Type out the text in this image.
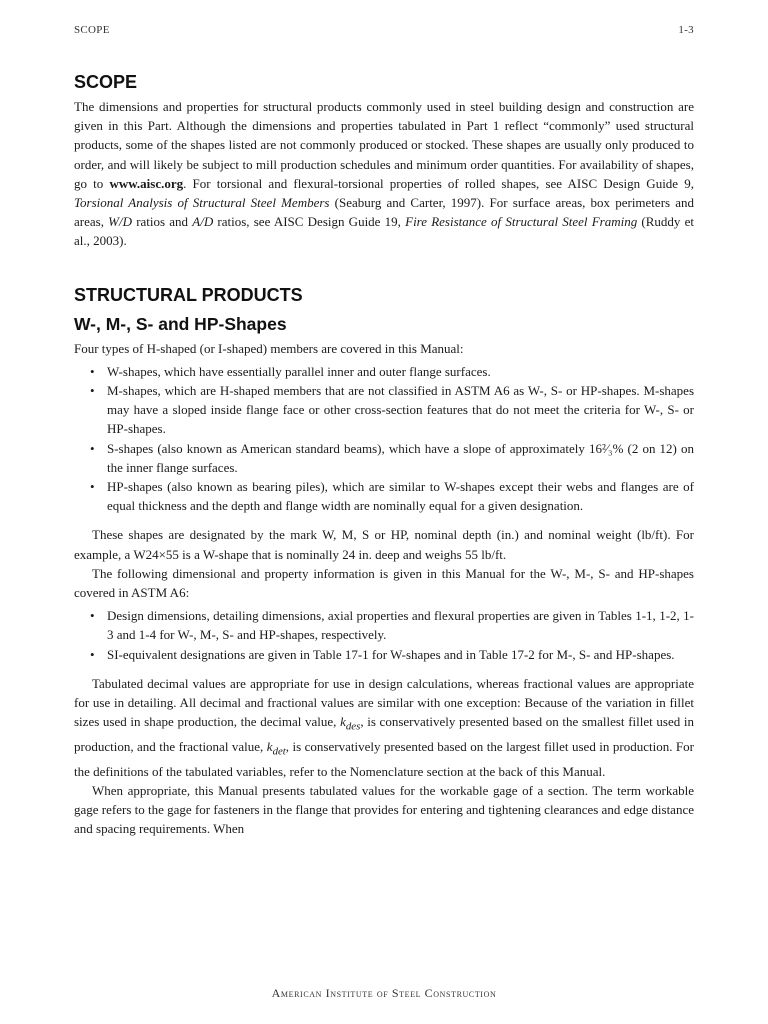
SCOPE	1-3
SCOPE

The dimensions and properties for structural products commonly used in steel building design and construction are given in this Part. Although the dimensions and properties tabulated in Part 1 reflect “commonly” used structural products, some of the shapes listed are not commonly produced or stocked. These shapes are usually only produced to order, and will likely be subject to mill production schedules and minimum order quantities. For availability of shapes, go to www.aisc.org. For torsional and flexural-torsional properties of rolled shapes, see AISC Design Guide 9, Torsional Analysis of Structural Steel Members (Seaburg and Carter, 1997). For surface areas, box perimeters and areas, W/D ratios and A/D ratios, see AISC Design Guide 19, Fire Resistance of Structural Steel Framing (Ruddy et al., 2003).

STRUCTURAL PRODUCTS
W-, M-, S- and HP-Shapes

Four types of H-shaped (or I-shaped) members are covered in this Manual:

• W-shapes, which have essentially parallel inner and outer flange surfaces.
• M-shapes, which are H-shaped members that are not classified in ASTM A6 as W-, S- or HP-shapes. M-shapes may have a sloped inside flange face or other cross-section features that do not meet the criteria for W-, S- or HP-shapes.
• S-shapes (also known as American standard beams), which have a slope of approximately 16²⁄₃% (2 on 12) on the inner flange surfaces.
• HP-shapes (also known as bearing piles), which are similar to W-shapes except their webs and flanges are of equal thickness and the depth and flange width are nominally equal for a given designation.

These shapes are designated by the mark W, M, S or HP, nominal depth (in.) and nominal weight (lb/ft). For example, a W24×55 is a W-shape that is nominally 24 in. deep and weighs 55 lb/ft.

The following dimensional and property information is given in this Manual for the W-, M-, S- and HP-shapes covered in ASTM A6:

• Design dimensions, detailing dimensions, axial properties and flexural properties are given in Tables 1-1, 1-2, 1-3 and 1-4 for W-, M-, S- and HP-shapes, respectively.
• SI-equivalent designations are given in Table 17-1 for W-shapes and in Table 17-2 for M-, S- and HP-shapes.

Tabulated decimal values are appropriate for use in design calculations, whereas fractional values are appropriate for use in detailing. All decimal and fractional values are similar with one exception: Because of the variation in fillet sizes used in shape production, the decimal value, $k_{des}$, is conservatively presented based on the smallest fillet used in production, and the fractional value, $k_{det}$, is conservatively presented based on the largest fillet used in production. For the definitions of the tabulated variables, refer to the Nomenclature section at the back of this Manual.

When appropriate, this Manual presents tabulated values for the workable gage of a section. The term workable gage refers to the gage for fasteners in the flange that provides for entering and tightening clearances and edge distance and spacing requirements. When

American Institute of Steel Construction
